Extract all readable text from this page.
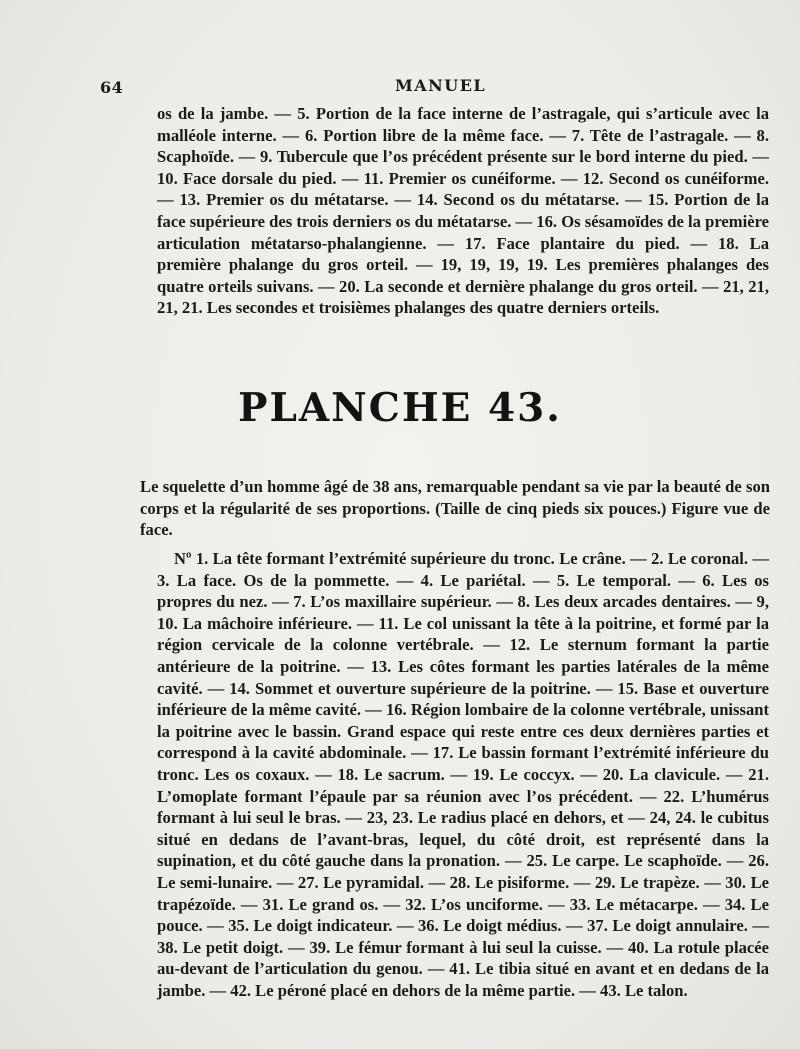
64	MANUEL

os de la jambe. — 5. Portion de la face interne de l’astragale, qui s’articule avec la malléole interne. — 6. Portion libre de la même face. — 7. Tête de l’astragale. — 8. Scaphoïde. — 9. Tubercule que l’os précédent présente sur le bord interne du pied. — 10. Face dorsale du pied. — 11. Premier os cunéiforme. — 12. Second os cunéiforme. — 13. Premier os du métatarse. — 14. Second os du métatarse. — 15. Portion de la face supérieure des trois derniers os du métatarse. — 16. Os sésamoïdes de la première articulation métatarso-phalangienne. — 17. Face plantaire du pied. — 18. La première phalange du gros orteil. — 19, 19, 19, 19. Les premières phalanges des quatre orteils suivans. — 20. La seconde et dernière phalange du gros orteil. — 21, 21, 21, 21. Les secondes et troisièmes phalanges des quatre derniers orteils.

PLANCHE 43.

Le squelette d’un homme âgé de 38 ans, remarquable pendant sa vie par la beauté de son corps et la régularité de ses proportions. (Taille de cinq pieds six pouces.) Figure vue de face.

Nº 1. La tête formant l’extrémité supérieure du tronc. Le crâne. — 2. Le coronal. — 3. La face. Os de la pommette. — 4. Le pariétal. — 5. Le temporal. — 6. Les os propres du nez. — 7. L’os maxillaire supérieur. — 8. Les deux arcades dentaires. — 9, 10. La mâchoire inférieure. — 11. Le col unissant la tête à la poitrine, et formé par la région cervicale de la colonne vertébrale. — 12. Le sternum formant la partie antérieure de la poitrine. — 13. Les côtes formant les parties latérales de la même cavité. — 14. Sommet et ouverture supérieure de la poitrine. — 15. Base et ouverture inférieure de la même cavité. — 16. Région lombaire de la colonne vertébrale, unissant la poitrine avec le bassin. Grand espace qui reste entre ces deux dernières parties et correspond à la cavité abdominale. — 17. Le bassin formant l’extrémité inférieure du tronc. Les os coxaux. — 18. Le sacrum. — 19. Le coccyx. — 20. La clavicule. — 21. L’omoplate formant l’épaule par sa réunion avec l’os précédent. — 22. L’humérus formant à lui seul le bras. — 23, 23. Le radius placé en dehors, et — 24, 24. le cubitus situé en dedans de l’avant-bras, lequel, du côté droit, est représenté dans la supination, et du côté gauche dans la pronation. — 25. Le carpe. Le scaphoïde. — 26. Le semi-lunaire. — 27. Le pyramidal. — 28. Le pisiforme. — 29. Le trapèze. — 30. Le trapézoïde. — 31. Le grand os. — 32. L’os unciforme. — 33. Le métacarpe. — 34. Le pouce. — 35. Le doigt indicateur. — 36. Le doigt médius. — 37. Le doigt annulaire. — 38. Le petit doigt. — 39. Le fémur formant à lui seul la cuisse. — 40. La rotule placée au-devant de l’articulation du genou. — 41. Le tibia situé en avant et en dedans de la jambe. — 42. Le péroné placé en dehors de la même partie. — 43. Le talon.
